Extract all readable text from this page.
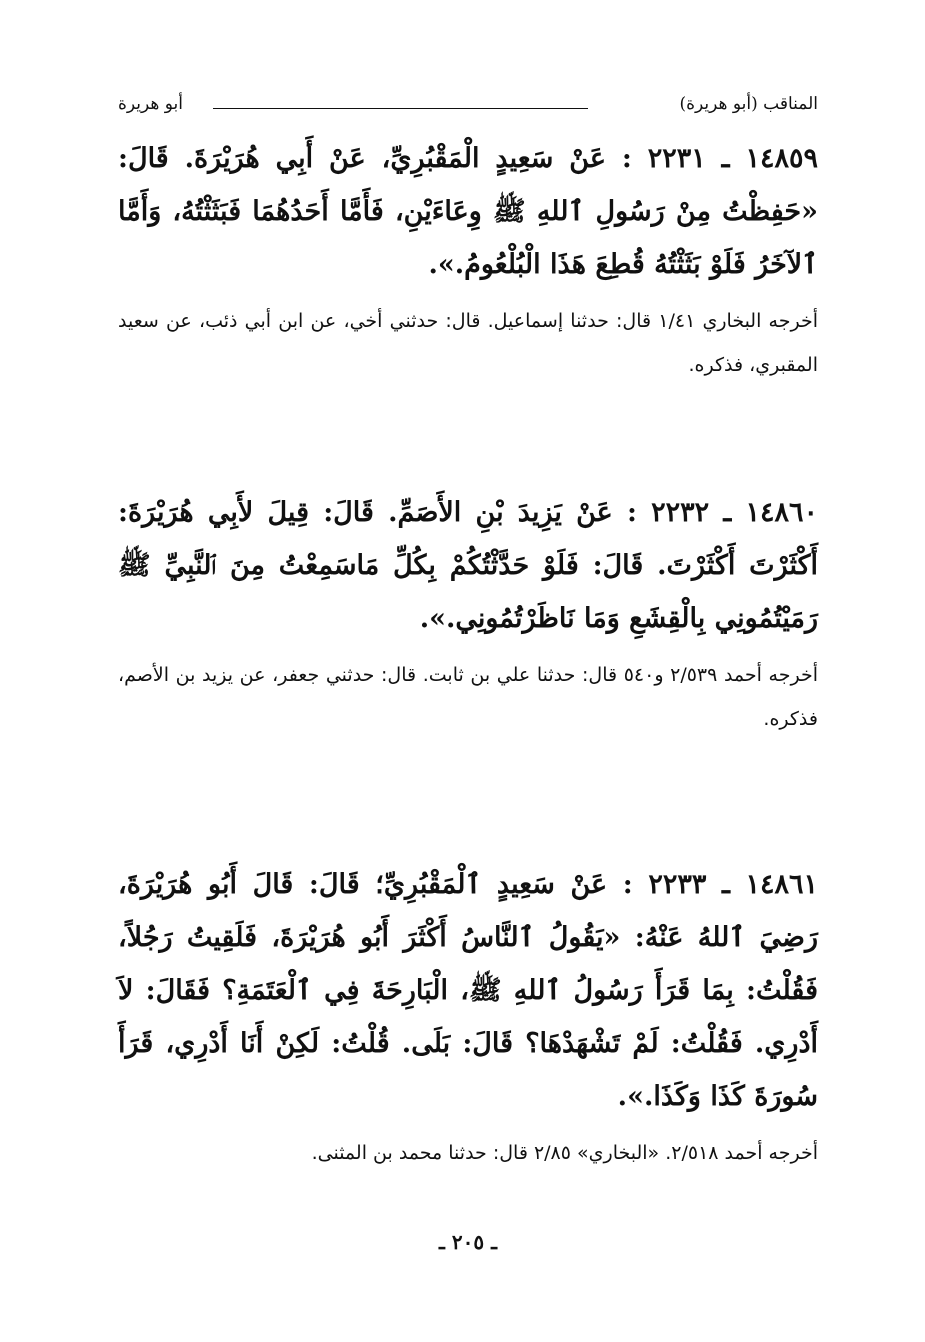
المناقب (أبو هريرة)
أبو هريرة

١٤٨٥٩ ـ ٢٢٣١ : عَنْ سَعِيدٍ الْمَقْبُرِيِّ، عَنْ أَبِي هُرَيْرَةَ. قَالَ: «حَفِظْتُ مِنْ رَسُولِ ٱللهِ ﷺ وِعَاءَيْنِ، فَأَمَّا أَحَدُهُمَا فَبَثَثْتُهُ، وَأَمَّا ٱلآخَرُ فَلَوْ بَثَثْتُهُ قُطِعَ هَذَا الْبُلْعُومُ.».

أخرجه البخاري ١/٤١ قال: حدثنا إسماعيل. قال: حدثني أخي، عن ابن أبي ذئب، عن سعيد المقبري، فذكره.

١٤٨٦٠ ـ ٢٢٣٢ : عَنْ يَزِيدَ بْنِ الأَصَمِّ. قَالَ: قِيلَ لأَبِي هُرَيْرَةَ: أَكْثَرْتَ أَكْثَرْتَ. قَالَ: فَلَوْ حَدَّثْتُكُمْ بِكُلِّ مَاسَمِعْتُ مِنَ ٱلنَّبِيِّ ﷺ رَمَيْتُمُونِي بِالْقِشَعِ وَمَا نَاظَرْتُمُونِي.».

أخرجه أحمد ٢/٥٣٩ و٥٤٠ قال: حدثنا علي بن ثابت. قال: حدثني جعفر، عن يزيد بن الأصم، فذكره.

١٤٨٦١ ـ ٢٢٣٣ : عَنْ سَعِيدٍ ٱلْمَقْبُرِيِّ؛ قَالَ: قَالَ أَبُو هُرَيْرَةَ، رَضِيَ ٱللهُ عَنْهُ: «يَقُولُ ٱلنَّاسُ أَكْثَرَ أَبُو هُرَيْرَةَ، فَلَقِيتُ رَجُلاً، فَقُلْتُ: بِمَا قَرَأَ رَسُولُ ٱللهِ ﷺ، الْبَارِحَةَ فِي ٱلْعَتَمَةِ؟ فَقَالَ: لاَ أَدْرِي. فَقُلْتُ: لَمْ تَشْهَدْهَا؟ قَالَ: بَلَى. قُلْتُ: لَكِنْ أَنَا أَدْرِي، قَرَأَ سُورَةَ كَذَا وَكَذَا.».

أخرجه أحمد ٢/٥١٨. «البخاري» ٢/٨٥ قال: حدثنا محمد بن المثنى.

ـ ٢٠٥ ـ
